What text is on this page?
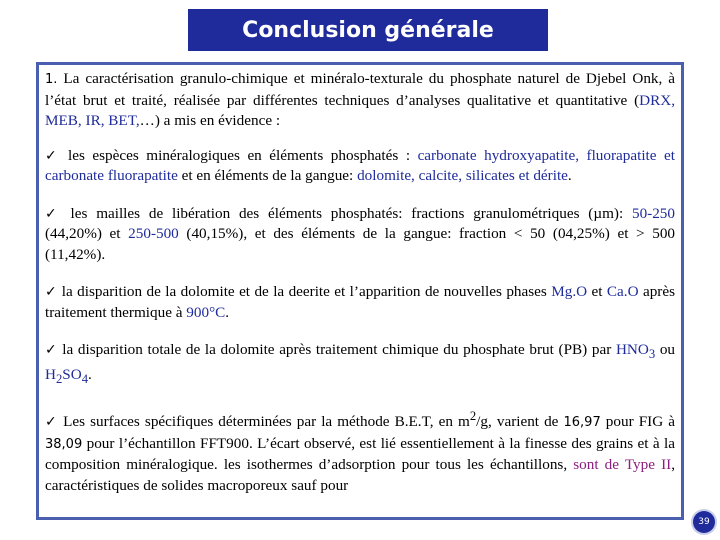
Conclusion générale

1. La caractérisation granulo-chimique et minéralo-texturale du phosphate naturel de Djebel Onk, à l’état brut et traité, réalisée par différentes techniques d’analyses qualitative et quantitative (DRX, MEB, IR, BET,…) a mis en évidence :

✓ les espèces minéralogiques en éléments phosphatés : carbonate hydroxyapatite, fluorapatite et carbonate fluorapatite et en éléments de la gangue: dolomite, calcite, silicates et dérite.

✓ les mailles de libération des éléments phosphatés: fractions granulométriques (µm): 50-250 (44,20%) et 250-500 (40,15%), et des éléments de la gangue: fraction < 50 (04,25%) et > 500 (11,42%).

✓ la disparition de la dolomite et de la deerite et l’apparition de nouvelles phases Mg.O et Ca.O après traitement thermique à 900°C.

✓ la disparition totale de la dolomite après traitement chimique du phosphate brut (PB) par $HNO_3$ ou $H_2SO_4$.

✓ Les surfaces spécifiques déterminées par la méthode B.E.T, en $m^2/g$, varient de 16,97 pour FIG à 38,09 pour l’échantillon FFT900. L’écart observé, est lié essentiellement à la finesse des grains et à la composition minéralogique. les isothermes d’adsorption pour tous les échantillons, sont de Type II, caractéristiques de solides macroporeux sauf pour

39
